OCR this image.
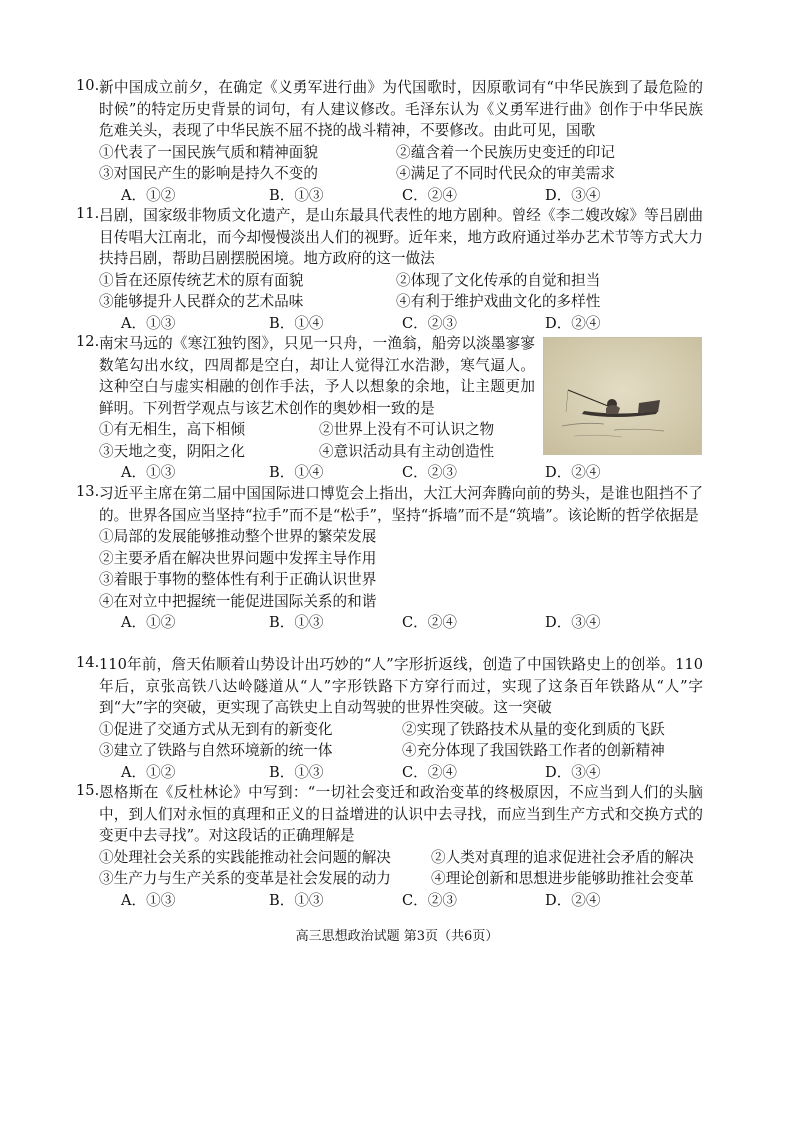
10. 新中国成立前夕，在确定《义勇军进行曲》为代国歌时，因原歌词有“中华民族到了最危险的时候”的特定历史背景的词句，有人建议修改。毛泽东认为《义勇军进行曲》创作于中华民族危难关头，表现了中华民族不屈不挠的战斗精神，不要修改。由此可见，国歌

①代表了一国民族气质和精神面貌	②蕴含着一个民族历史变迁的印记
③对国民产生的影响是持久不变的	④满足了不同时代民众的审美需求
A．①②	B．①③	C．②④	D．③④
11. 吕剧，国家级非物质文化遗产，是山东最具代表性的地方剧种。曾经《李二嫂改嫁》等吕剧曲目传唱大江南北，而今却慢慢淡出人们的视野。近年来，地方政府通过举办艺术节等方式大力扶持吕剧，帮助吕剧摆脱困境。地方政府的这一做法

①旨在还原传统艺术的原有面貌	②体现了文化传承的自觉和担当
③能够提升人民群众的艺术品味	④有利于维护戏曲文化的多样性
A．①③	B．①④	C．②③	D．②④
12. 南宋马远的《寒江独钓图》，只见一只舟，一渔翁，船旁以淡墨寥寥数笔勾出水纹，四周都是空白，却让人觉得江水浩渺，寒气逼人。这种空白与虚实相融的创作手法，予人以想象的余地，让主题更加鲜明。下列哲学观点与该艺术创作的奥妙相一致的是

①有无相生，高下相倾	②世界上没有不可认识之物
③天地之变，阴阳之化	④意识活动具有主动创造性
A．①③	B．①④	C．②③	D．②④
13. 习近平主席在第二届中国国际进口博览会上指出，大江大河奔腾向前的势头，是谁也阻挡不了的。世界各国应当坚持“拉手”而不是“松手”，坚持“拆墙”而不是“筑墙”。该论断的哲学依据是

①局部的发展能够推动整个世界的繁荣发展
②主要矛盾在解决世界问题中发挥主导作用
③着眼于事物的整体性有利于正确认识世界
④在对立中把握统一能促进国际关系的和谐
A．①②	B．①③	C．②④	D．③④
14. 110年前，詹天佑顺着山势设计出巧妙的“人”字形折返线，创造了中国铁路史上的创举。110年后，京张高铁八达岭隧道从“人”字形铁路下方穿行而过，实现了这条百年铁路从“人”字到“大”字的突破，更实现了高铁史上自动驾驶的世界性突破。这一突破

①促进了交通方式从无到有的新变化	②实现了铁路技术从量的变化到质的飞跃
③建立了铁路与自然环境新的统一体	④充分体现了我国铁路工作者的创新精神
A．①②	B．①③	C．②④	D．③④
15. 恩格斯在《反杜林论》中写到：“一切社会变迁和政治变革的终极原因，不应当到人们的头脑中，到人们对永恒的真理和正义的日益增进的认识中去寻找，而应当到生产方式和交换方式的变更中去寻找”。对这段话的正确理解是

①处理社会关系的实践能推动社会问题的解决	②人类对真理的追求促进社会矛盾的解决
③生产力与生产关系的变革是社会发展的动力	④理论创新和思想进步能够助推社会变革
A．①③	B．①③	C．②③	D．②④
高三思想政治试题 第3页（共6页）
